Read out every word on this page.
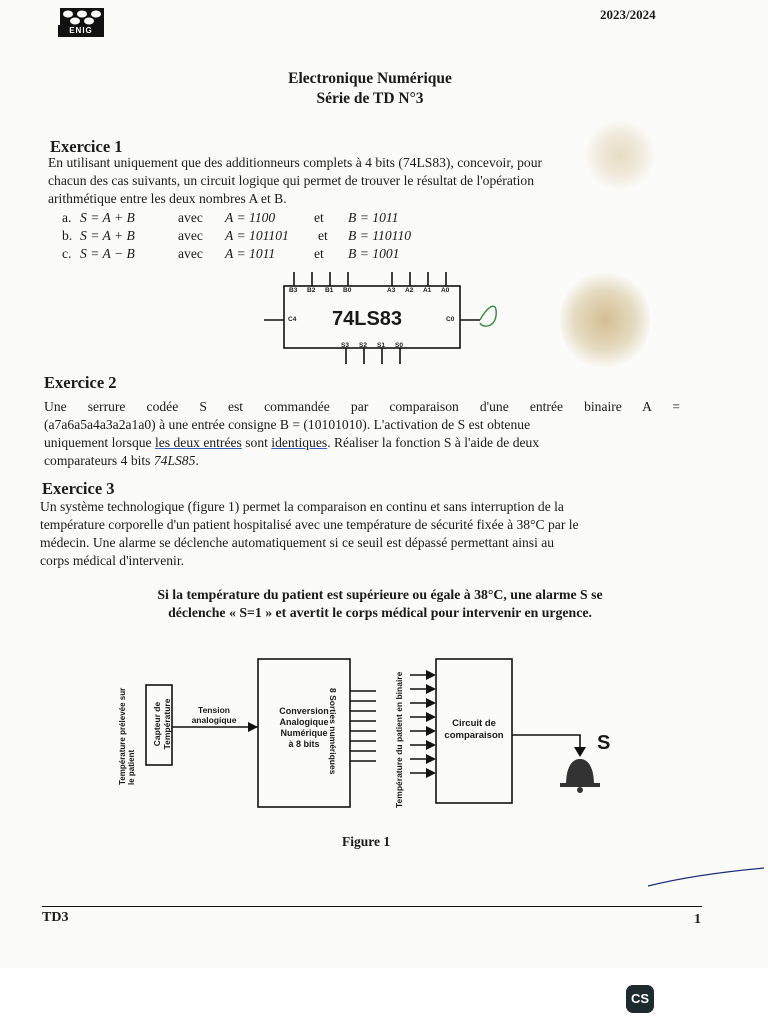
ENIG
2023/2024
Electronique Numérique
Série de TD N°3
Exercice 1
En utilisant uniquement que des additionneurs complets à 4 bits (74LS83), concevoir, pour
chacun des cas suivants, un circuit logique qui permet de trouver le résultat de l'opération
arithmétique entre les deux nombres A et B.
a. S = A + B	avec A = 1100	et B = 1011
b. S = A + B	avec A = 101101 et B = 110110
c. S = A − B	avec A = 1011	et B = 1001
B3 B2 B1 B0	A3 A2 A1 A0
C4	C0
74LS83
S3 S2 S1 S0
Exercice 2
Une serrure codée S est commandée par comparaison d'une entrée binaire A =
(a7a6a5a4a3a2a1a0) à une entrée consigne B = (10101010). L'activation de S est obtenue
uniquement lorsque les deux entrées sont identiques. Réaliser la fonction S à l'aide de deux
comparateurs 4 bits 74LS85.
Exercice 3
Un système technologique (figure 1) permet la comparaison en continu et sans interruption de la
température corporelle d'un patient hospitalisé avec une température de sécurité fixée à 38°C par le
médecin. Une alarme se déclenche automatiquement si ce seuil est dépassé permettant ainsi au
corps médical d'intervenir.
Si la température du patient est supérieure ou égale à 38°C, une alarme S se
déclenche « S=1 » et avertit le corps médical pour intervenir en urgence.
Température prélevée sur le patient
Capteur de Température	Tension analogique
Conversion
Analogique
Numérique
à 8 bits	8 Sorties numériques	Température du patient en binaire	Circuit de
comparaison	S
Figure 1
TD3	1
CS
